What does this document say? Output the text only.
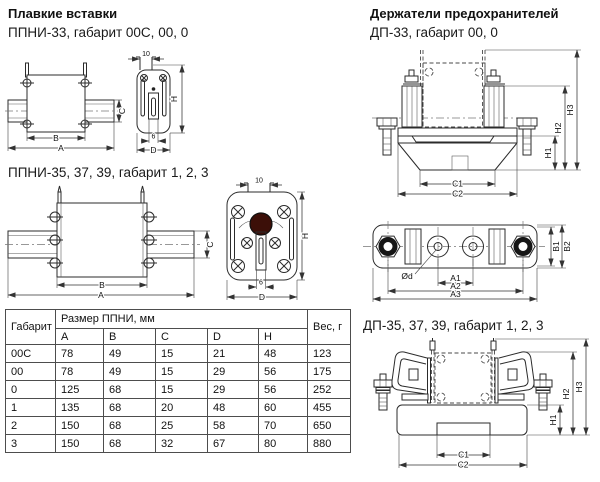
Плавкие вставки
ППНИ-33, габарит 00С, 00, 0
Держатели предохранителей
ДП-33, габарит 00, 0
ППНИ-35, 37, 39, габарит 1, 2, 3
ДП-35, 37, 39, габарит 1, 2, 3
C
B
A
10
H
6
D
B
A
C
10
H
6
D
Габарит	Размер ППНИ, мм					Вес, г
	A	B	C	D	H	
00С	78	49	15	21	48	123
00	78	49	15	29	56	175
0	125	68	15	29	56	252
1	135	68	20	48	60	455
2	150	68	25	58	70	650
3	150	68	32	67	80	880
C1
C2
H1
H2
H3
Ød	A1
A2
A3
B1 B2
C1
C2
H1
H2
H3
